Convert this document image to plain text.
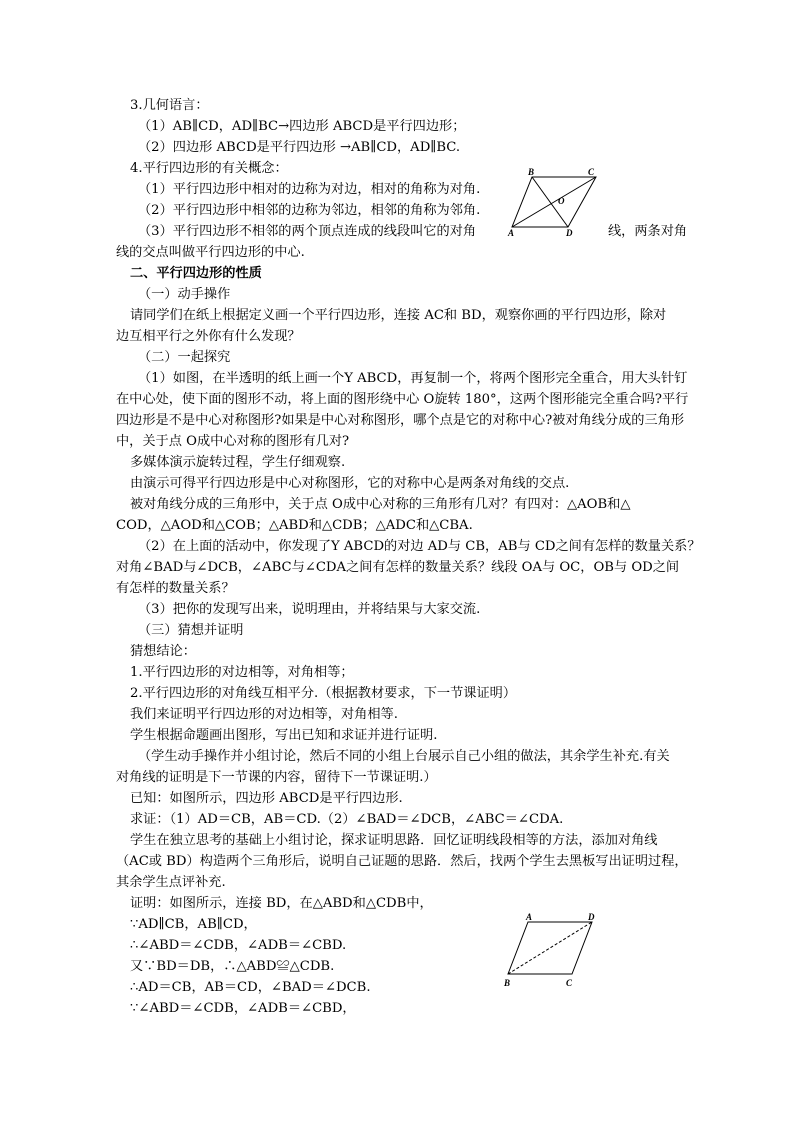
3.几何语言：
（1）AB∥CD，AD∥BC→四边形 ABCD是平行四边形；
（2）四边形 ABCD是平行四边形 →AB∥CD，AD∥BC.
4.平行四边形的有关概念：
（1）平行四边形中相对的边称为对边，相对的角称为对角.
（2）平行四边形中相邻的边称为邻边，相邻的角称为邻角.
（3）平行四边形不相邻的两个顶点连成的线段叫它的对角	线，两条对角
线的交点叫做平行四边形的中心.
二、平行四边形的性质
（一）动手操作
请同学们在纸上根据定义画一个平行四边形，连接 AC和 BD，观察你画的平行四边形，除对
边互相平行之外你有什么发现？
（二）一起探究
（1）如图，在半透明的纸上画一个Y ABCD，再复制一个，将两个图形完全重合，用大头针钉
在中心处，使下面的图形不动，将上面的图形绕中心 O旋转 180°，这两个图形能完全重合吗?平行
四边形是不是中心对称图形?如果是中心对称图形，哪个点是它的对称中心?被对角线分成的三角形
中，关于点 O成中心对称的图形有几对?
多媒体演示旋转过程，学生仔细观察.
由演示可得平行四边形是中心对称图形，它的对称中心是两条对角线的交点.
被对角线分成的三角形中，关于点 O成中心对称的三角形有几对？有四对：△AOB和△
COD，△AOD和△COB；△ABD和△CDB；△ADC和△CBA.
（2）在上面的活动中，你发现了Y ABCD的对边 AD与 CB，AB与 CD之间有怎样的数量关系？
对角∠BAD与∠DCB，∠ABC与∠CDA之间有怎样的数量关系？线段 OA与 OC，OB与 OD之间
有怎样的数量关系？
（3）把你的发现写出来，说明理由，并将结果与大家交流.
（三）猜想并证明
猜想结论：
1.平行四边形的对边相等，对角相等；
2.平行四边形的对角线互相平分.（根据教材要求，下一节课证明）
我们来证明平行四边形的对边相等，对角相等.
学生根据命题画出图形，写出已知和求证并进行证明.
（学生动手操作并小组讨论，然后不同的小组上台展示自己小组的做法，其余学生补充.有关
对角线的证明是下一节课的内容，留待下一节课证明.）
已知：如图所示，四边形 ABCD是平行四边形.
求证：（1）AD＝CB，AB＝CD.（2）∠BAD＝∠DCB，∠ABC＝∠CDA.
学生在独立思考的基础上小组讨论，探求证明思路．回忆证明线段相等的方法，添加对角线
（AC或 BD）构造两个三角形后，说明自己证题的思路．然后，找两个学生去黑板写出证明过程，
其余学生点评补充.
证明：如图所示，连接 BD，在△ABD和△CDB中，
∵AD∥CB，AB∥CD，
∴∠ABD＝∠CDB，∠ADB＝∠CBD.
又∵BD＝DB，∴△ABD≌△CDB.
∴AD＝CB，AB＝CD，∠BAD＝∠DCB.
∵∠ABD＝∠CDB，∠ADB＝∠CBD，
B	C
O
A	D
A	D
B	C
